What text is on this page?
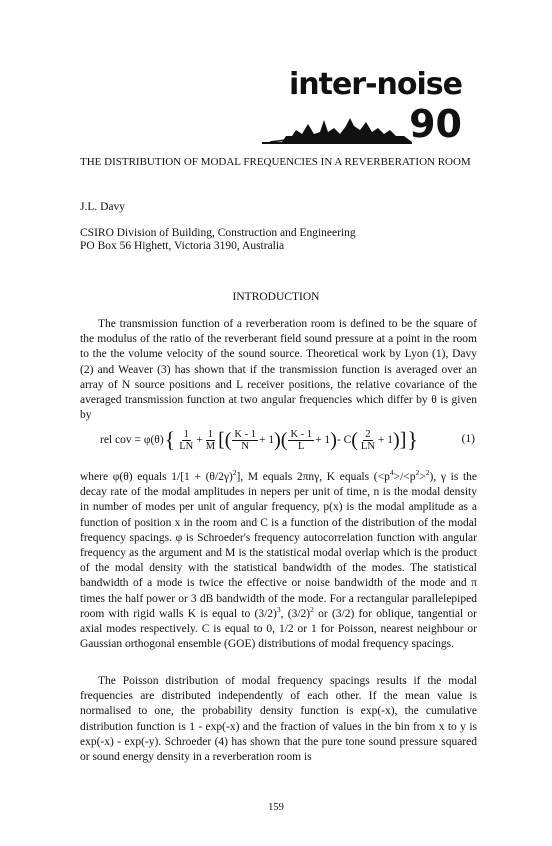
inter-noise
90
THE DISTRIBUTION OF MODAL FREQUENCIES IN A REVERBERATION ROOM
J.L. Davy
CSIRO Division of Building, Construction and Engineering
PO Box 56 Highett, Victoria 3190, Australia
INTRODUCTION
The transmission function of a reverberation room is defined to be the square of the modulus of the ratio of the reverberant field sound pressure at a point in the room to the the volume velocity of the sound source. Theoretical work by Lyon (1), Davy (2) and Weaver (3) has shown that if the transmission function is averaged over an array of N source positions and L receiver positions, the relative covariance of the averaged transmission function at two angular frequencies which differ by θ is given by
rel cov = φ(θ) { $\frac{1}{LN} + \frac{1}{M}$ [ ( $\frac{K - 1}{N} + 1$ ) ( $\frac{K - 1}{L} + 1$ ) - C ( $\frac{2}{LN} + 1$ ) ] }	(1)
where φ(θ) equals $1/[1 + (\theta/2\gamma)^2]$, M equals 2πnγ, K equals $(<p^4>/<p^2>^2)$, γ is the decay rate of the modal amplitudes in nepers per unit of time, n is the modal density in number of modes per unit of angular frequency, p(x) is the modal amplitude as a function of position x in the room and C is a function of the distribution of the modal frequency spacings. φ is Schroeder's frequency autocorrelation function with angular frequency as the argument and M is the statistical modal overlap which is the product of the modal density with the statistical bandwidth of the modes. The statistical bandwidth of a mode is twice the effective or noise bandwidth of the mode and π times the half power or 3 dB bandwidth of the mode. For a rectangular parallelepiped room with rigid walls K is equal to $(3/2)^3$, $(3/2)^2$ or (3/2) for oblique, tangential or axial modes respectively. C is equal to 0, 1/2 or 1 for Poisson, nearest neighbour or Gaussian orthogonal ensemble (GOE) distributions of modal frequency spacings.
The Poisson distribution of modal frequency spacings results if the modal frequencies are distributed independently of each other. If the mean value is normalised to one, the probability density function is exp(-x), the cumulative distribution function is 1 - exp(-x) and the fraction of values in the bin from x to y is exp(-x) - exp(-y). Schroeder (4) has shown that the pure tone sound pressure squared or sound energy density in a reverberation room is
159
